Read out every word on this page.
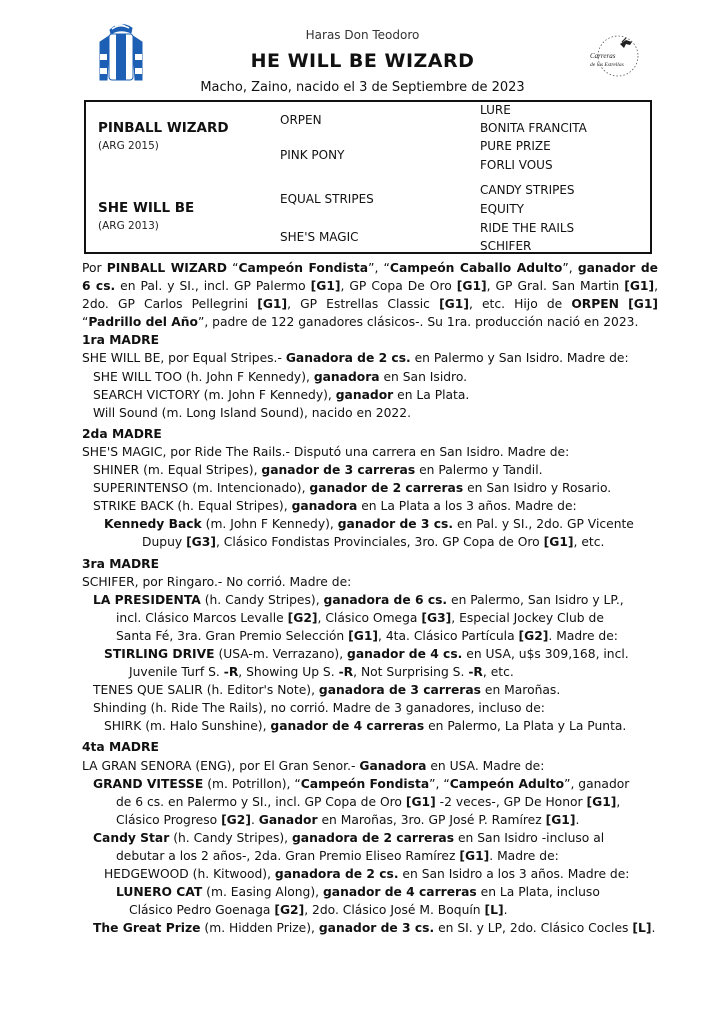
Haras Don Teodoro
HE WILL BE WIZARD
Macho, Zaino, nacido el 3 de Septiembre de 2023
Carreras
de las Estrellas
PINBALL WIZARD
(ARG 2015)
SHE WILL BE
(ARG 2013)
ORPEN
PINK PONY
EQUAL STRIPES
SHE'S MAGIC
LURE
BONITA FRANCITA
PURE PRIZE
FORLI VOUS
CANDY STRIPES
EQUITY
RIDE THE RAILS
SCHIFER

Por PINBALL WIZARD “Campeón Fondista”, “Campeón Caballo Adulto”, ganador de

6 cs. en Pal. y SI., incl. GP Palermo [G1], GP Copa De Oro [G1], GP Gral. San Martin [G1],

2do. GP Carlos Pellegrini [G1], GP Estrellas Classic [G1], etc. Hijo de ORPEN [G1]

“Padrillo del Año”, padre de 122 ganadores clásicos-. Su 1ra. producción nació en 2023.

1ra MADRE

SHE WILL BE, por Equal Stripes.- Ganadora de 2 cs. en Palermo y San Isidro. Madre de:

SHE WILL TOO (h. John F Kennedy), ganadora en San Isidro.

SEARCH VICTORY (m. John F Kennedy), ganador en La Plata.

Will Sound (m. Long Island Sound), nacido en 2022.

2da MADRE

SHE'S MAGIC, por Ride The Rails.- Disputó una carrera en San Isidro. Madre de:

SHINER (m. Equal Stripes), ganador de 3 carreras en Palermo y Tandil.

SUPERINTENSO (m. Intencionado), ganador de 2 carreras en San Isidro y Rosario.

STRIKE BACK (h. Equal Stripes), ganadora en La Plata a los 3 años. Madre de:

Kennedy Back (m. John F Kennedy), ganador de 3 cs. en Pal. y SI., 2do. GP Vicente

Dupuy [G3], Clásico Fondistas Provinciales, 3ro. GP Copa de Oro [G1], etc.

3ra MADRE

SCHIFER, por Ringaro.- No corrió. Madre de:

LA PRESIDENTA (h. Candy Stripes), ganadora de 6 cs. en Palermo, San Isidro y LP.,

incl. Clásico Marcos Levalle [G2], Clásico Omega [G3], Especial Jockey Club de

Santa Fé, 3ra. Gran Premio Selección [G1], 4ta. Clásico Partícula [G2]. Madre de:

STIRLING DRIVE (USA-m. Verrazano), ganador de 4 cs. en USA, u$s 309,168, incl.

Juvenile Turf S. -R, Showing Up S. -R, Not Surprising S. -R, etc.

TENES QUE SALIR (h. Editor's Note), ganadora de 3 carreras en Maroñas.

Shinding (h. Ride The Rails), no corrió. Madre de 3 ganadores, incluso de:

SHIRK (m. Halo Sunshine), ganador de 4 carreras en Palermo, La Plata y La Punta.

4ta MADRE

LA GRAN SENORA (ENG), por El Gran Senor.- Ganadora en USA. Madre de:

GRAND VITESSE (m. Potrillon), “Campeón Fondista”, “Campeón Adulto”, ganador

de 6 cs. en Palermo y SI., incl. GP Copa de Oro [G1] -2 veces-, GP De Honor [G1],

Clásico Progreso [G2]. Ganador en Maroñas, 3ro. GP José P. Ramírez [G1].

Candy Star (h. Candy Stripes), ganadora de 2 carreras en San Isidro -incluso al

debutar a los 2 años-, 2da. Gran Premio Eliseo Ramírez [G1]. Madre de:

HEDGEWOOD (h. Kitwood), ganadora de 2 cs. en San Isidro a los 3 años. Madre de:

LUNERO CAT (m. Easing Along), ganador de 4 carreras en La Plata, incluso

Clásico Pedro Goenaga [G2], 2do. Clásico José M. Boquín [L].

The Great Prize (m. Hidden Prize), ganador de 3 cs. en SI. y LP, 2do. Clásico Cocles [L].
